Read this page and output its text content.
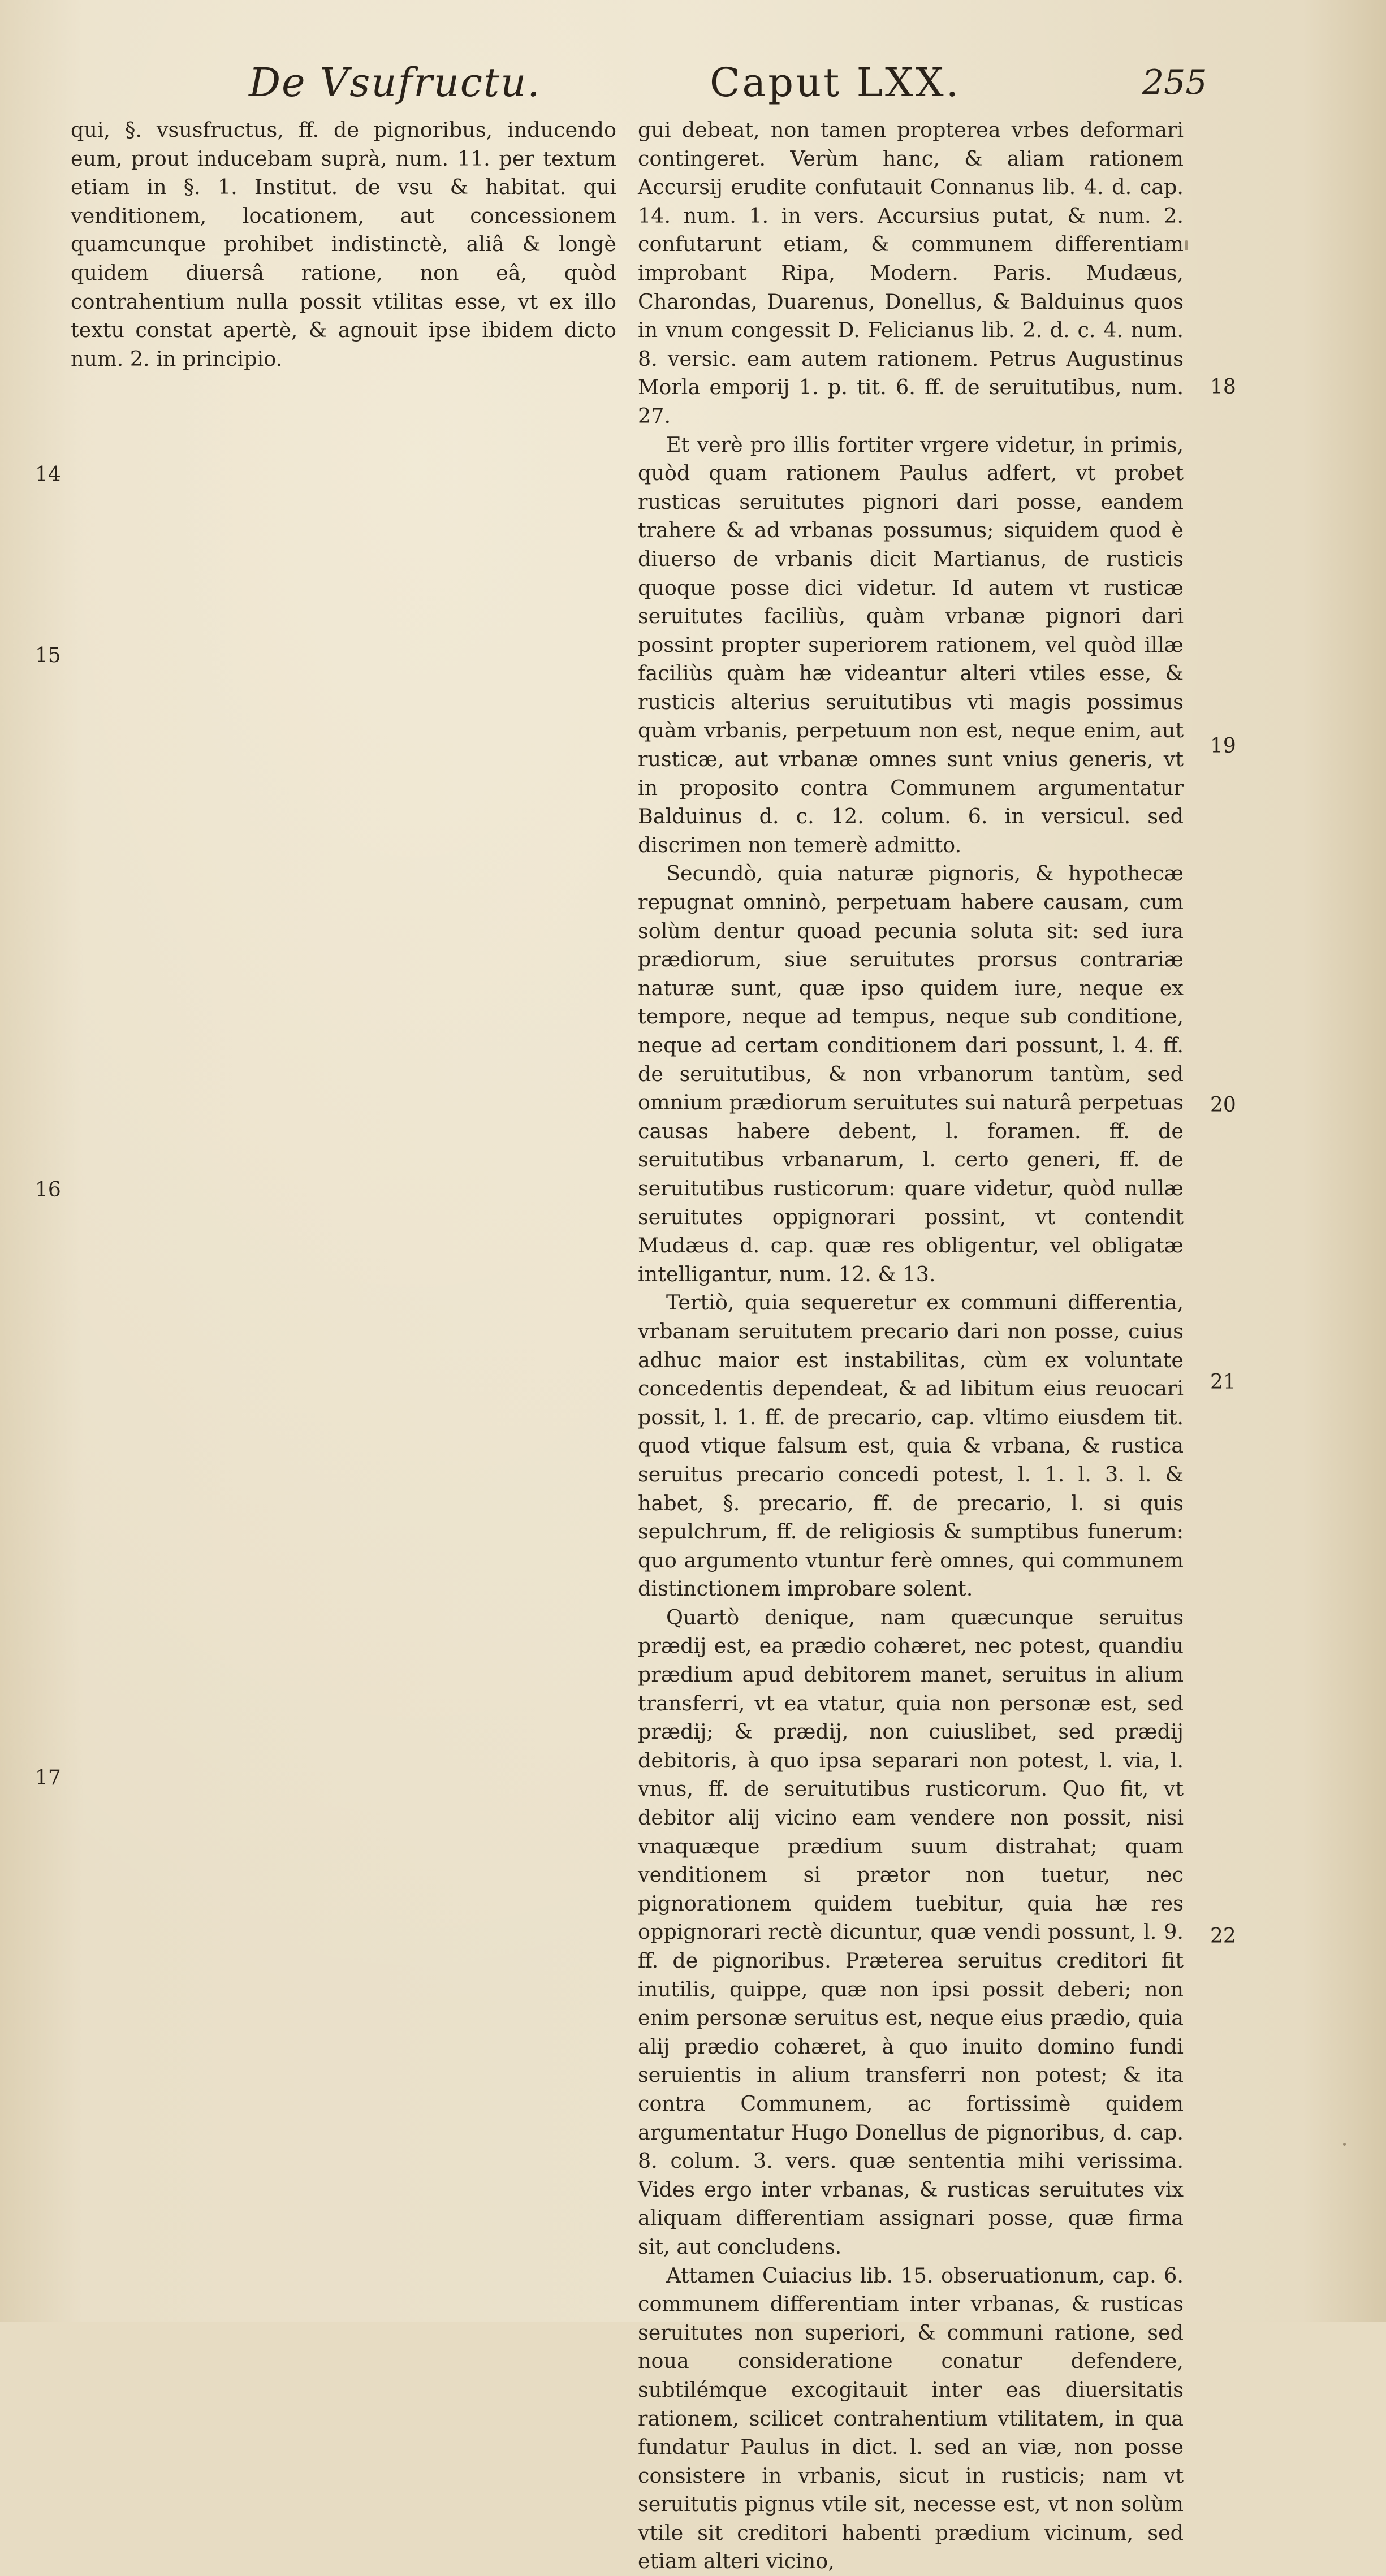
De Vsufructu.	Caput LXX.	255

qui, §. vsusfructus, ff. de pignoribus, inducendo eum, prout inducebam suprà, num. 11. per textum etiam in §. 1. Institut. de vsu & habitat. qui venditionem, locationem, aut concessionem quamcunque prohibet indistinctè, aliâ & longè quidem diuersâ ratione, non eâ, quòd contrahentium nulla possit vtilitas esse, vt ex illo textu constat apertè, & agnouit ipse ibidem dicto num. 2. in principio.

gui debeat, non tamen propterea vrbes deformari contingeret. Verùm hanc, & aliam rationem Accursij erudite confutauit Connanus lib. 4. d. cap. 14. num. 1. in vers. Accursius putat, & num. 2. confutarunt etiam, & communem differentiam improbant Ripa, Modern. Paris. Mudæus, Charondas, Duarenus, Donellus, & Balduinus quos in vnum congessit D. Felicianus lib. 2. d. c. 4. num. 8. versic. eam autem rationem. Petrus Augustinus Morla emporij 1. p. tit. 6. ff. de seruitutibus, num. 27.

Et verè pro illis fortiter vrgere videtur, in primis, quòd quam rationem Paulus adfert, vt probet rusticas seruitutes pignori dari posse, eandem trahere & ad vrbanas possumus; siquidem quod è diuerso de vrbanis dicit Martianus, de rusticis quoque posse dici videtur. Id autem vt rusticæ seruitutes faciliùs, quàm vrbanæ pignori dari possint propter superiorem rationem, vel quòd illæ faciliùs quàm hæ videantur alteri vtiles esse, & rusticis alterius seruitutibus vti magis possimus quàm vrbanis, perpetuum non est, neque enim, aut rusticæ, aut vrbanæ omnes sunt vnius generis, vt in proposito contra Communem argumentatur Balduinus d. c. 12. colum. 6. in versicul. sed discrimen non temerè admitto.

Secundò, quia naturæ pignoris, & hypothecæ repugnat omninò, perpetuam habere causam, cum solùm dentur quoad pecunia soluta sit: sed iura prædiorum, siue seruitutes prorsus contrariæ naturæ sunt, quæ ipso quidem iure, neque ex tempore, neque ad tempus, neque sub conditione, neque ad certam conditionem dari possunt, l. 4. ff. de seruitutibus, & non vrbanorum tantùm, sed omnium prædiorum seruitutes sui naturâ perpetuas causas habere debent, l. foramen. ff. de seruitutibus vrbanarum, l. certo generi, ff. de seruitutibus rusticorum: quare videtur, quòd nullæ seruitutes oppignorari possint, vt contendit Mudæus d. cap. quæ res obligentur, vel obligatæ intelligantur, num. 12. & 13.

Tertiò, quia sequeretur ex communi differentia, vrbanam seruitutem precario dari non posse, cuius adhuc maior est instabilitas, cùm ex voluntate concedentis dependeat, & ad libitum eius reuocari possit, l. 1. ff. de precario, cap. vltimo eiusdem tit. quod vtique falsum est, quia & vrbana, & rustica seruitus precario concedi potest, l. 1. l. 3. l. & habet, §. precario, ff. de precario, l. si quis sepulchrum, ff. de religiosis & sumptibus funerum: quo argumento vtuntur ferè omnes, qui communem distinctionem improbare solent.

Quartò denique, nam quæcunque seruitus prædij est, ea prædio cohæret, nec potest, quandiu prædium apud debitorem manet, seruitus in alium transferri, vt ea vtatur, quia non personæ est, sed prædij; & prædij, non cuiuslibet, sed prædij debitoris, à quo ipsa separari non potest, l. via, l. vnus, ff. de seruitutibus rusticorum. Quo fit, vt debitor alij vicino eam vendere non possit, nisi vnaquæque prædium suum distrahat; quam venditionem si prætor non tuetur, nec pignorationem quidem tuebitur, quia hæ res oppignorari rectè dicuntur, quæ vendi possunt, l. 9. ff. de pignoribus. Præterea seruitus creditori fit inutilis, quippe, quæ non ipsi possit deberi; non enim personæ seruitus est, neque eius prædio, quia alij prædio cohæret, à quo inuito domino fundi seruientis in alium transferri non potest; & ita contra Communem, ac fortissimè quidem argumentatur Hugo Donellus de pignoribus, d. cap. 8. colum. 3. vers. quæ sententia mihi verissima. Vides ergo inter vrbanas, & rusticas seruitutes vix aliquam differentiam assignari posse, quæ firma sit, aut concludens.

Attamen Cuiacius lib. 15. obseruationum, cap. 6. communem differentiam inter vrbanas, & rusticas seruitutes non superiori, & communi ratione, sed noua consideratione conatur defendere, subtilémque excogitauit inter eas diuersitatis rationem, scilicet contrahentium vtilitatem, in qua fundatur Paulus in dict. l. sed an viæ, non posse consistere in vrbanis, sicut in rusticis; nam vt seruitutis pignus vtile sit, necesse est, vt non solùm vtile sit creditori habenti prædium vicinum, sed etiam alteri vicino,

14
15
16
17
18
19
20
21
22
